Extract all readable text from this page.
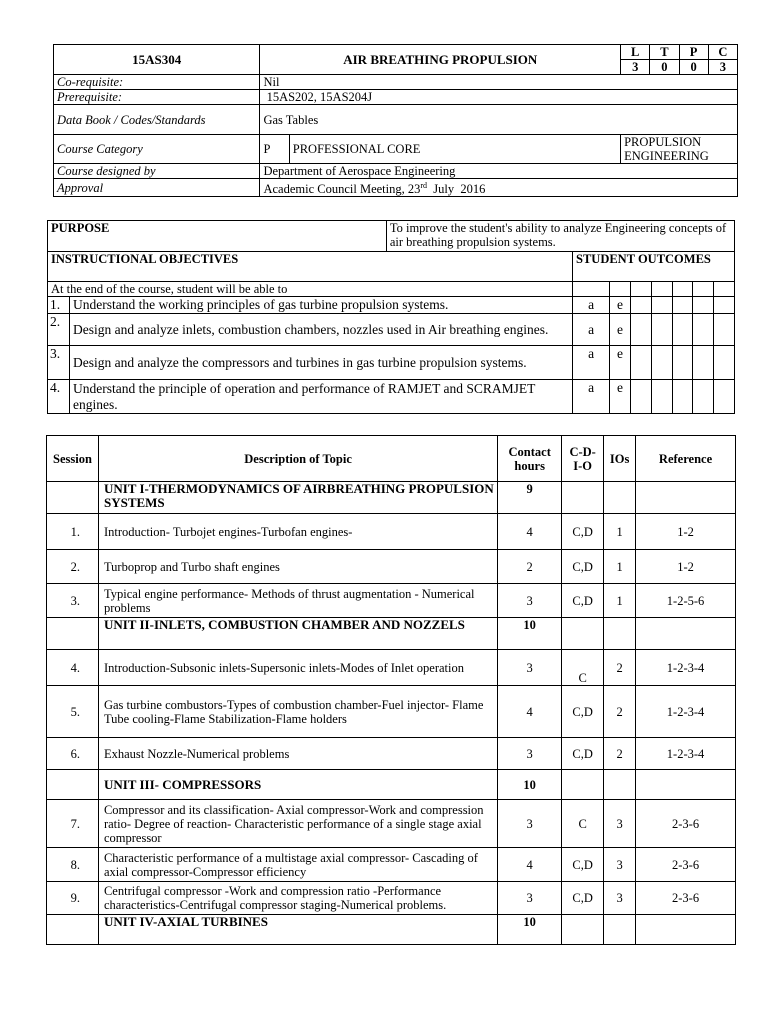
15AS304	AIR BREATHING PROPULSION		L	T	P	C
			3	0	0	3
Co-requisite:	Nil					
Prerequisite:	15AS202, 15AS204J					
Data Book / Codes/Standards	Gas Tables					
Course Category	P	PROFESSIONAL CORE	PROPULSION ENGINEERING			
Course designed by	Department of Aerospace Engineering					
Approval	Academic Council Meeting, 23rd  July  2016					
PURPOSE		To improve the student's ability to analyze Engineering concepts of air breathing propulsion systems.							
INSTRUCTIONAL OBJECTIVES			STUDENT OUTCOMES						
At the end of the course, student will be able to									
1.	Understand the working principles of gas turbine propulsion systems.		a	e					
2.	Design and analyze inlets, combustion chambers, nozzles used in Air breathing engines.		a	e					
3.	Design and analyze the compressors and turbines in gas turbine propulsion systems.		a	e					
4.	Understand the principle of operation and performance of RAMJET and SCRAMJET engines.		a	e					
Session	Description of Topic	Contact hours	C-D-I-O	IOs	Reference
	UNIT I-THERMODYNAMICS OF AIRBREATHING PROPULSION SYSTEMS	9			
1.	Introduction- Turbojet engines-Turbofan engines-	4	C,D	1	1-2
2.	Turboprop and Turbo shaft engines	2	C,D	1	1-2
3.	Typical engine performance- Methods of thrust augmentation - Numerical problems	3	C,D	1	1-2-5-6
	UNIT II-INLETS, COMBUSTION CHAMBER AND NOZZELS	10			
4.	Introduction-Subsonic inlets-Supersonic inlets-Modes of Inlet operation	3	C	2	1-2-3-4
5.	Gas turbine combustors-Types of combustion chamber-Fuel injector- Flame Tube cooling-Flame Stabilization-Flame holders	4	C,D	2	1-2-3-4
6.	Exhaust Nozzle-Numerical problems	3	C,D	2	1-2-3-4
	UNIT III- COMPRESSORS	10			
7.	Compressor and its classification- Axial compressor-Work and compression ratio- Degree of reaction- Characteristic performance of a single stage axial compressor	3	C	3	2-3-6
8.	Characteristic performance of a multistage axial compressor- Cascading of axial compressor-Compressor efficiency	4	C,D	3	2-3-6
9.	Centrifugal compressor -Work and compression ratio -Performance characteristics-Centrifugal compressor staging-Numerical problems.	3	C,D	3	2-3-6
	UNIT IV-AXIAL TURBINES	10			
